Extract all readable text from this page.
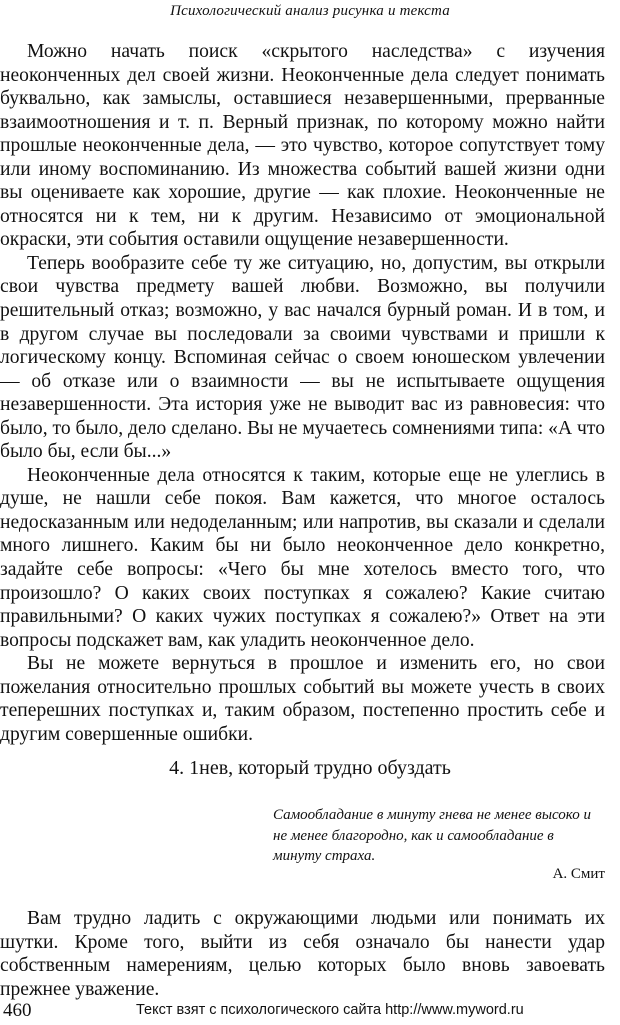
Психологический анализ рисунка и текста

Можно начать поиск «скрытого наследства» с изучения неоконченных дел своей жизни. Неоконченные дела следует понимать буквально, как замыслы, оставшиеся незавершенными, прерванные взаимоотношения и т. п. Верный признак, по которому можно найти прошлые неоконченные дела, — это чувство, которое сопутствует тому или иному воспоминанию. Из множества событий вашей жизни одни вы оцениваете как хорошие, другие — как плохие. Неоконченные не относятся ни к тем, ни к другим. Независимо от эмоциональной окраски, эти события оставили ощущение незавершенности.

Теперь вообразите себе ту же ситуацию, но, допустим, вы открыли свои чувства предмету вашей любви. Возможно, вы получили решительный отказ; возможно, у вас начался бурный роман. И в том, и в другом случае вы последовали за своими чувствами и пришли к логическому концу. Вспоминая сейчас о своем юношеском увлечении — об отказе или о взаимности — вы не испытываете ощущения незавершенности. Эта история уже не выводит вас из равновесия: что было, то было, дело сделано. Вы не мучаетесь сомнениями типа: «А что было бы, если бы...»

Неоконченные дела относятся к таким, которые еще не улеглись в душе, не нашли себе покоя. Вам кажется, что многое осталось недосказанным или недоделанным; или напротив, вы сказали и сделали много лишнего. Каким бы ни было неоконченное дело конкретно, задайте себе вопросы: «Чего бы мне хотелось вместо того, что произошло? О каких своих поступках я сожалею? Какие считаю правильными? О каких чужих поступках я сожалею?» Ответ на эти вопросы подскажет вам, как уладить неоконченное дело.

Вы не можете вернуться в прошлое и изменить его, но свои пожелания относительно прошлых событий вы можете учесть в своих теперешних поступках и, таким образом, постепенно простить себе и другим совершенные ошибки.

4. 1нев, который трудно обуздать
Самообладание в минуту гнева не менее высоко и не менее благородно, как и самообладание в минуту страха.
А. Смит

Вам трудно ладить с окружающими людьми или понимать их шутки. Кроме того, выйти из себя означало бы нанести удар собственным намерениям, целью которых было вновь завоевать прежнее уважение.

460	Текст взят с психологического сайта http://www.myword.ru
